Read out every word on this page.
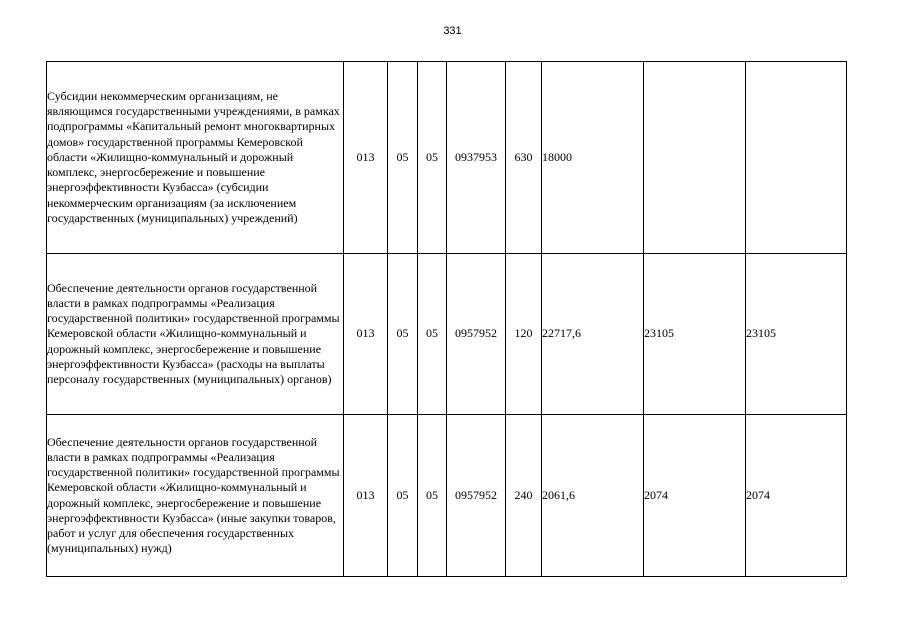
331
Субсидии некоммерческим организациям, не являющимся государственными учреждениями, в рамках подпрограммы «Капитальный ремонт многоквартирных домов» государственной программы Кемеровской области «Жилищно-коммунальный и дорожный комплекс, энергосбережение и повышение энергоэффективности Кузбасса» (субсидии некоммерческим организациям (за исключением государственных (муниципальных) учреждений)	013	05	05	0937953	630	18000		
Обеспечение деятельности органов государственной власти в рамках подпрограммы «Реализация государственной политики» государственной программы Кемеровской области «Жилищно-коммунальный и дорожный комплекс, энергосбережение и повышение энергоэффективности Кузбасса» (расходы на выплаты персоналу государственных (муниципальных) органов)	013	05	05	0957952	120	22717,6	23105	23105
Обеспечение деятельности органов государственной власти в рамках подпрограммы «Реализация государственной политики» государственной программы Кемеровской области «Жилищно-коммунальный и дорожный комплекс, энергосбережение и повышение энергоэффективности Кузбасса» (иные закупки товаров, работ и услуг для обеспечения государственных (муниципальных) нужд)	013	05	05	0957952	240	2061,6	2074	2074
